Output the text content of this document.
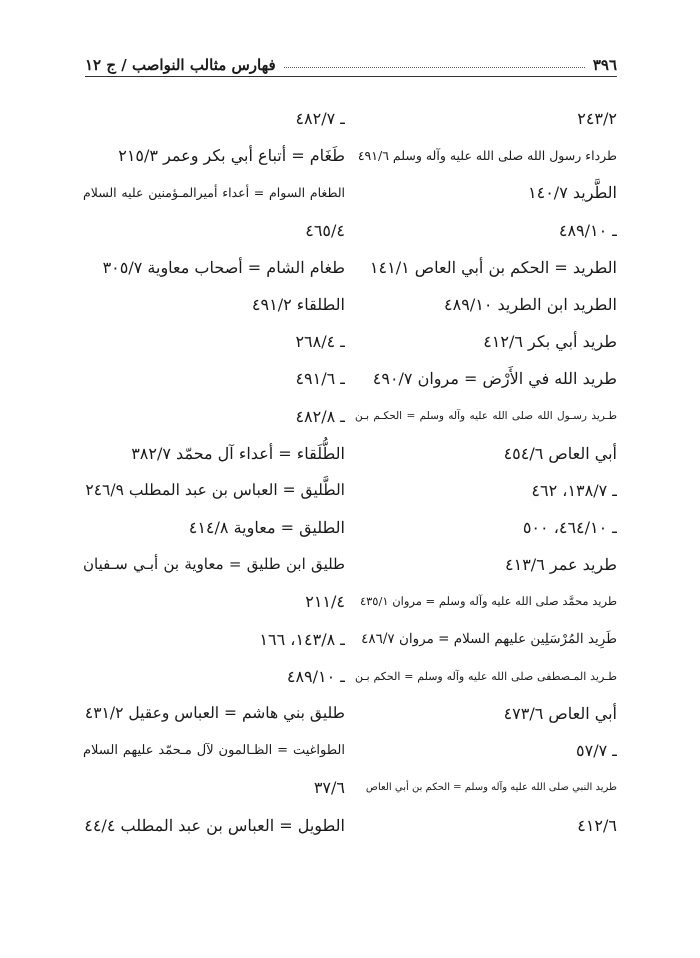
٣٩٦
فهارس مثالب النواصب / ج ١٢
٢٤٣/٢
طرداء رسول الله صلى الله عليه وآله وسلم ٤٩١/٦
الطَّريد ١٤٠/٧
ـ ٤٨٩/١٠
الطريد = الحكم بن أبي العاص ١٤١/١
الطريد ابن الطريد ٤٨٩/١٠
طريد أبي بكر ٤١٢/٦
طريد الله في الأَرْض = مروان ٤٩٠/٧
طـريد رسـول الله صلى الله عليه وآله وسلم = الحكـم بـن
أبي العاص ٤٥٤/٦
ـ ١٣٨/٧، ٤٦٢
ـ ٤٦٤/١٠، ٥٠٠
طريد عمر ٤١٣/٦
طريد محمَّد صلى الله عليه وآله وسلم = مروان ٤٣٥/١
طَرِيد المُرْسَلِين عليهم السلام = مروان ٤٨٦/٧
طـريد المـصطفى صلى الله عليه وآله وسلم = الحكم بـن
أبي العاص ٤٧٣/٦
ـ ٥٧/٧
طريد النبي صلى الله عليه وآله وسلم = الحكم بن أبي العاص
٤١٢/٦
ـ ٤٨٢/٧
طَغَام = أتباع أبي بكر وعمر ٢١٥/٣
الطغام السوام = أعداء أميرالمـؤمنين عليه السلام
٤٦٥/٤
طغام الشام = أصحاب معاوية ٣٠٥/٧
الطلقاء ٤٩١/٢
ـ ٢٦٨/٤
ـ ٤٩١/٦
ـ ٤٨٢/٨
الطُّلَقاء = أعداء آل محمّد ٣٨٢/٧
الطَّليق = العباس بن عبد المطلب ٢٤٦/٩
الطليق = معاوية ٤١٤/٨
طليق ابن طليق = معاوية بن أبـي سـفيان
٢١١/٤
ـ ١٤٣/٨، ١٦٦
ـ ٤٨٩/١٠
طليق بني هاشم = العباس وعقيل ٤٣١/٢
الطواغيت = الظـالمون لآل مـحمّد عليهم السلام
٣٧/٦
الطويل = العباس بن عبد المطلب ٤٤/٤
